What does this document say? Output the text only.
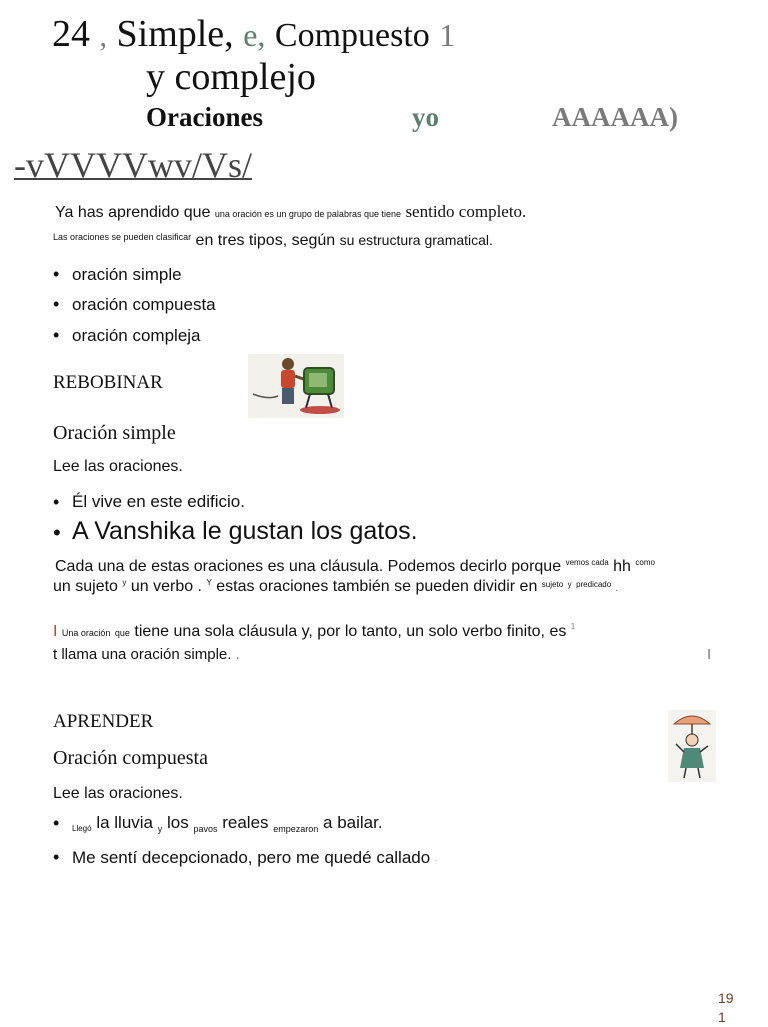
24 , Simple, e, Compuesto 1
y complejo
Oraciones	yo	AAAAAA)
-vVVVVwv/Vs/
Ya has aprendido que una oración es un grupo de palabras que tiene sentido completo.
$^{Las oraciones se pueden clasificar}$ en tres tipos, según su estructura gramatical.
• oración simple
• oración compuesta
• oración compleja
REBOBINAR
Oración simple
Lee las oraciones.
• Él vive en este edificio.
• A Vanshika le gustan los gatos.
Cada una de estas oraciones es una cláusula. Podemos decirlo porque $^{vemos cada}$ hh $^{como}$
un sujeto $^y$ un verbo . $^Y$ estas oraciones también se pueden dividir en $^{sujeto}$ $^y$ $^{predicado}$ .
I Una oración que tiene una sola cláusula y, por lo tanto, un solo verbo finito, es $^1$
t llama una oración simple. .	I
APRENDER
Oración compuesta
Lee las oraciones.
• Llegó la lluvia $_y$ los $_{pavos}$ reales $_{empezaron}$ a bailar.
• Me sentí decepcionado, pero me quedé callado ·
19
1
